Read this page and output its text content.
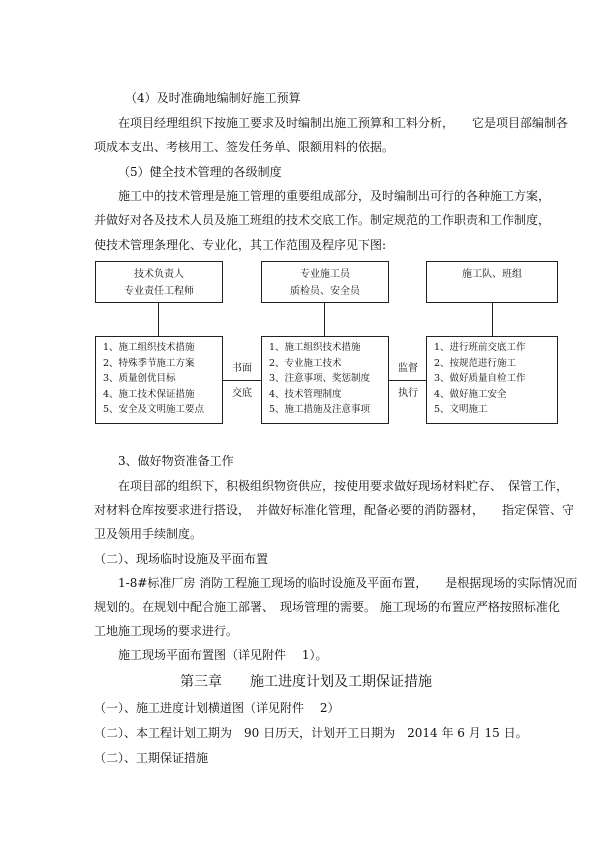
（4）及时准确地编制好施工预算
在项目经理组织下按施工要求及时编制出施工预算和工料分析，　　它是项目部编制各
项成本支出、考核用工、签发任务单、限额用料的依据。
（5）健全技术管理的各级制度
施工中的技术管理是施工管理的重要组成部分，及时编制出可行的各种施工方案，
并做好对各及技术人员及施工班组的技术交底工作。制定规范的工作职责和工作制度，
使技术管理条理化、专业化，其工作范围及程序见下图:
技术负责人
专业责任工程师
专业施工员
质检员、安全员
施工队、班组
1、施工组织技术措施
2、特殊季节施工方案
3、质量创优目标
4、施工技术保证措施
5、安全及文明施工要点
1、施工组织技术措施
2、专业施工技术
3、注意事项、奖惩制度
4、技术管理制度
5、施工措施及注意事项
1、进行班前交底工作
2、按规范进行施工
3、做好质量自检工作
4、做好施工安全
5、文明施工
书面
交底
监督
执行
3、做好物资准备工作
在项目部的组织下，积极组织物资供应，按使用要求做好现场材料贮存、　保管工作，
对材料仓库按要求进行搭设，　并做好标准化管理，配备必要的消防器材，　　指定保管、守
卫及领用手续制度。
（二）、现场临时设施及平面布置
1-8#标准厂房 消防工程施工现场的临时设施及平面布置，　　是根据现场的实际情况而
规划的。在规划中配合施工部署、　现场管理的需要。 施工现场的布置应严格按照标准化
工地施工现场的要求进行。
施工现场平面布置图（详见附件　 1）。
第三章　　施工进度计划及工期保证措施
（一）、施工进度计划横道图（详见附件　 2）
（二）、本工程计划工期为　90 日历天，计划开工日期为　2014 年 6 月 15 日。
（二）、工期保证措施
